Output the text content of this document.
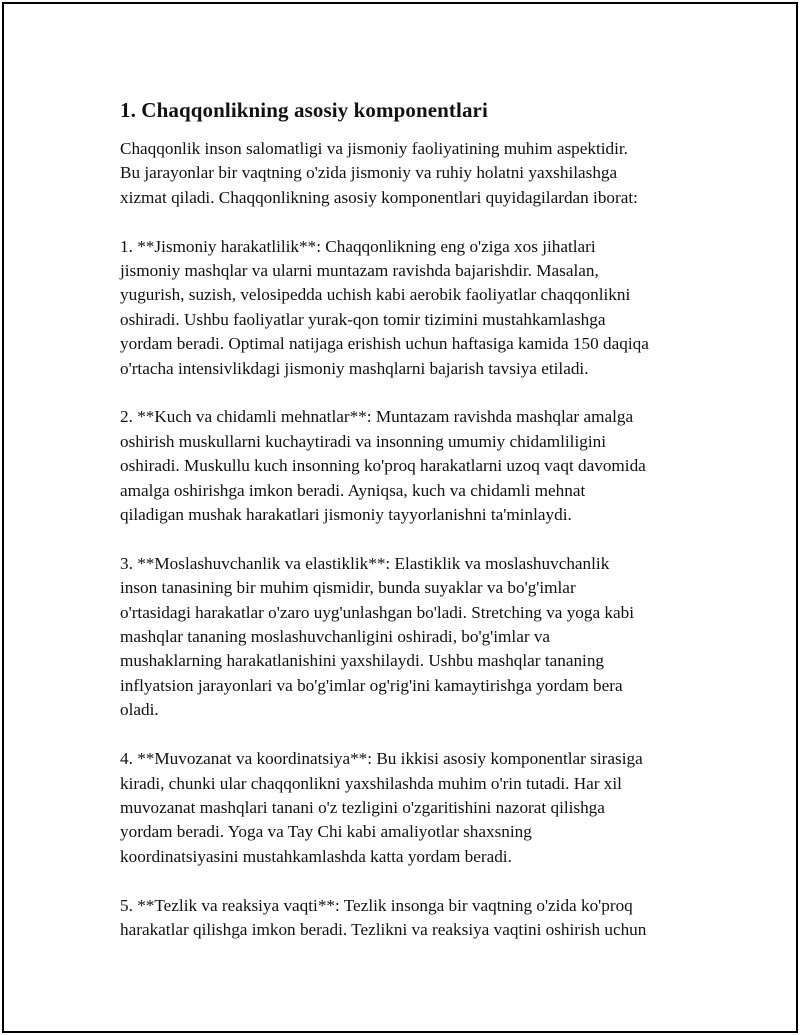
1. Chaqqonlikning asosiy komponentlari

Chaqqonlik inson salomatligi va jismoniy faoliyatining muhim aspektidir.
Bu jarayonlar bir vaqtning o'zida jismoniy va ruhiy holatni yaxshilashga
xizmat qiladi. Chaqqonlikning asosiy komponentlari quyidagilardan iborat:

1. **Jismoniy harakatlilik**: Chaqqonlikning eng o'ziga xos jihatlari
jismoniy mashqlar va ularni muntazam ravishda bajarishdir. Masalan,
yugurish, suzish, velosipedda uchish kabi aerobik faoliyatlar chaqqonlikni
oshiradi. Ushbu faoliyatlar yurak-qon tomir tizimini mustahkamlashga
yordam beradi. Optimal natijaga erishish uchun haftasiga kamida 150 daqiqa
o'rtacha intensivlikdagi jismoniy mashqlarni bajarish tavsiya etiladi.

2. **Kuch va chidamli mehnatlar**: Muntazam ravishda mashqlar amalga
oshirish muskullarni kuchaytiradi va insonning umumiy chidamliligini
oshiradi. Muskullu kuch insonning ko'proq harakatlarni uzoq vaqt davomida
amalga oshirishga imkon beradi. Ayniqsa, kuch va chidamli mehnat
qiladigan mushak harakatlari jismoniy tayyorlanishni ta'minlaydi.

3. **Moslashuvchanlik va elastiklik**: Elastiklik va moslashuvchanlik
inson tanasining bir muhim qismidir, bunda suyaklar va bo'g'imlar
o'rtasidagi harakatlar o'zaro uyg'unlashgan bo'ladi. Stretching va yoga kabi
mashqlar tananing moslashuvchanligini oshiradi, bo'g'imlar va
mushaklarning harakatlanishini yaxshilaydi. Ushbu mashqlar tananing
inflyatsion jarayonlari va bo'g'imlar og'rig'ini kamaytirishga yordam bera
oladi.

4. **Muvozanat va koordinatsiya**: Bu ikkisi asosiy komponentlar sirasiga
kiradi, chunki ular chaqqonlikni yaxshilashda muhim o'rin tutadi. Har xil
muvozanat mashqlari tanani o'z tezligini o'zgaritishini nazorat qilishga
yordam beradi. Yoga va Tay Chi kabi amaliyotlar shaxsning
koordinatsiyasini mustahkamlashda katta yordam beradi.

5. **Tezlik va reaksiya vaqti**: Tezlik insonga bir vaqtning o'zida ko'proq
harakatlar qilishga imkon beradi. Tezlikni va reaksiya vaqtini oshirish uchun
